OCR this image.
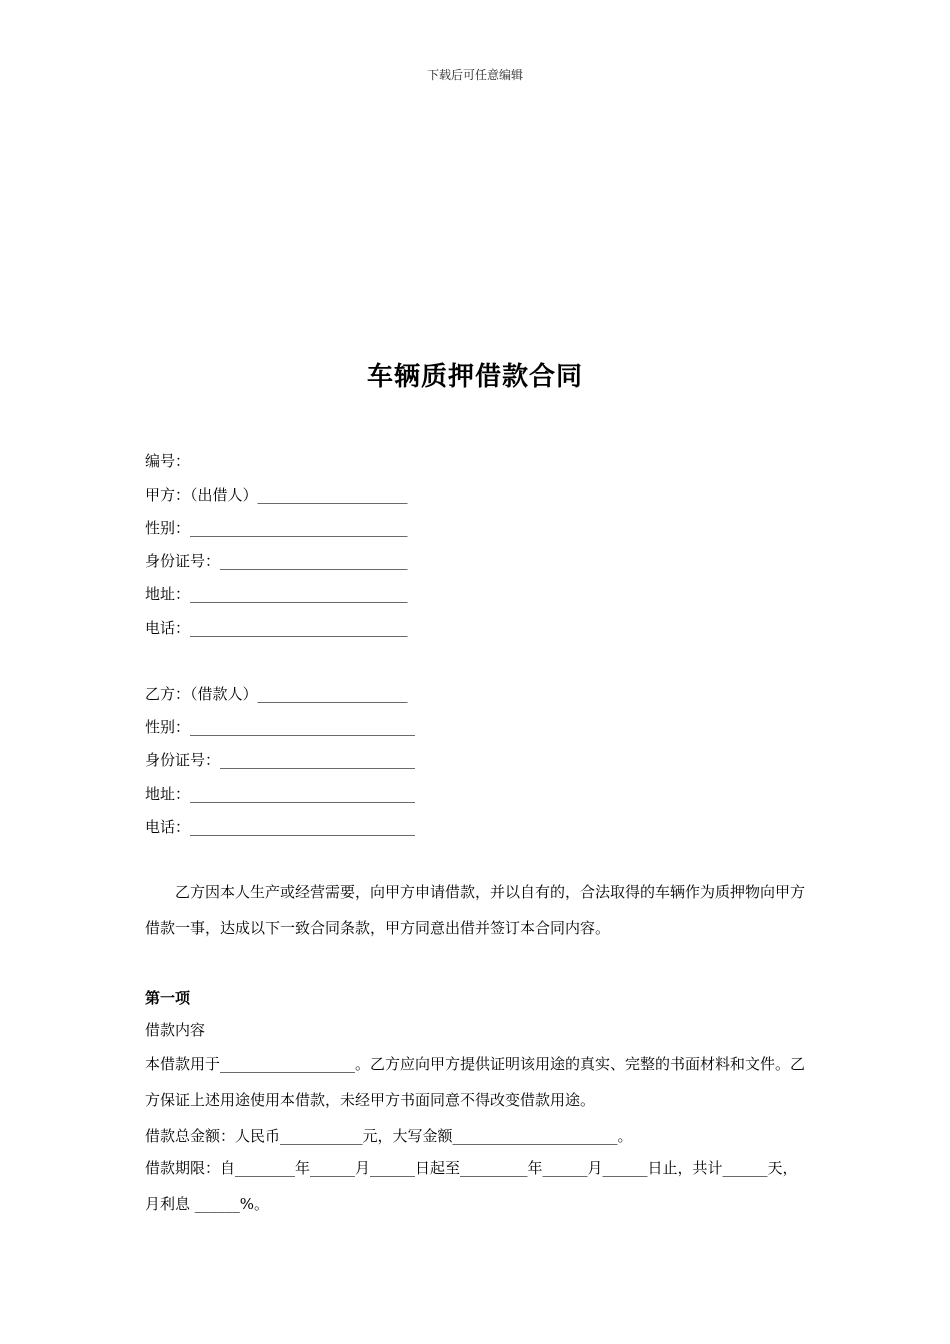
下载后可任意编辑
车辆质押借款合同
编号：
甲方：（出借人）____________________
性别：_____________________________
身份证号：_________________________
地址：_____________________________
电话：_____________________________
乙方：（借款人）____________________
性别：______________________________
身份证号：__________________________
地址：______________________________
电话：______________________________
　　乙方因本人生产或经营需要，向甲方申请借款，并以自有的，合法取得的车辆作为质押物向甲方借款一事，达成以下一致合同条款，甲方同意出借并签订本合同内容。
第一项
借款内容
本借款用于__________________。乙方应向甲方提供证明该用途的真实、完整的书面材料和文件。乙方保证上述用途使用本借款，未经甲方书面同意不得改变借款用途。
借款总金额：人民币___________元，大写金额______________________。
借款期限：自________年______月______日起至_________年______月______日止，共计______天，月利息 ______%。
